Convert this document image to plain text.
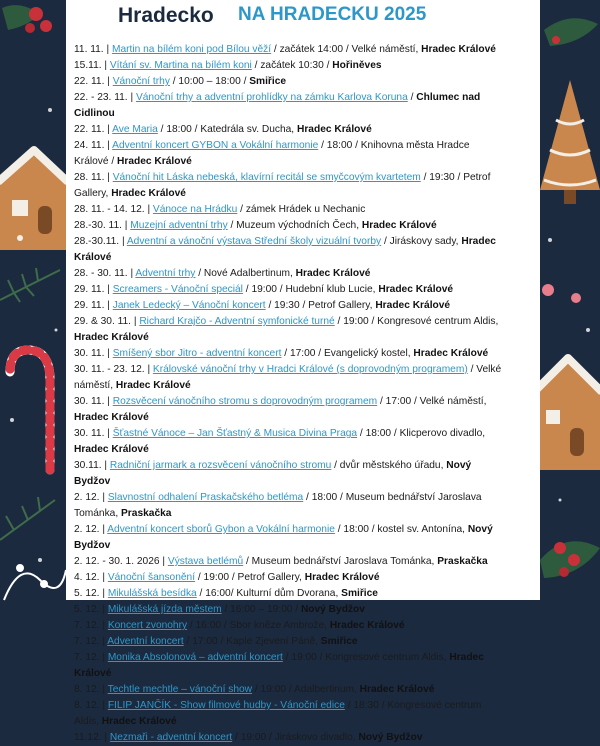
Hradecko NA HRADECKU 2025

11. 11. | Martin na bílém koni pod Bílou věží / začátek 14:00 / Velké náměstí, Hradec Králové

15.11. | Vítání sv. Martina na bílém koni / začátek 10:30 / Hořiněves

22. 11. | Vánoční trhy / 10:00 – 18:00 / Smiřice

22. - 23. 11. | Vánoční trhy a adventní prohlídky na zámku Karlova Koruna / Chlumec nad Cidlinou

22. 11. | Ave Maria / 18:00 / Katedrála sv. Ducha, Hradec Králové

24. 11. | Adventní koncert GYBON a Vokální harmonie / 18:00 / Knihovna města Hradce Králové / Hradec Králové

28. 11. | Vánoční hit Láska nebeská, klavírní recitál se smyčcovým kvartetem / 19:30 / Petrof Gallery, Hradec Králové

28. 11. - 14. 12. | Vánoce na Hrádku / zámek Hrádek u Nechanic

28.-30. 11. | Muzejní adventní trhy / Muzeum východních Čech, Hradec Králové

28.-30.11. | Adventní a vánoční výstava Střední školy vizuální tvorby / Jiráskovy sady, Hradec Králové

28. - 30. 11. | Adventní trhy / Nové Adalbertinum, Hradec Králové

29. 11. | Screamers - Vánoční speciál / 19:00 / Hudební klub Lucie, Hradec Králové

29. 11. | Janek Ledecký – Vánoční koncert / 19:30 / Petrof Gallery, Hradec Králové

29. & 30. 11. | Richard Krajčo - Adventní symfonické turné / 19:00 / Kongresové centrum Aldis, Hradec Králové

30. 11. | Smíšený sbor Jitro - adventní koncert / 17:00 / Evangelický kostel, Hradec Králové

30. 11. - 23. 12. | Královské vánoční trhy v Hradci Králové (s doprovodným programem) / Velké náměstí, Hradec Králové

30. 11. | Rozsvěcení vánočního stromu s doprovodným programem / 17:00 / Velké náměstí, Hradec Králové

30. 11. | Šťastné Vánoce – Jan Šťastný & Musica Divina Praga / 18:00 / Klicperovo divadlo, Hradec Králové

30.11. | Radniční jarmark a rozsvěcení vánočního stromu / dvůr městského úřadu, Nový Bydžov

2. 12. | Slavnostní odhalení Praskačského betléma / 18:00 / Museum bednářství Jaroslava Tománka, Praskačka

2. 12. | Adventní koncert sborů Gybon a Vokální harmonie / 18:00 / kostel sv. Antonína, Nový Bydžov

2. 12. - 30. 1. 2026 | Výstava betlémů / Museum bednářství Jaroslava Tománka, Praskačka

4. 12. | Vánoční šansonění / 19:00 / Petrof Gallery, Hradec Králové

5. 12. | Mikulášská besídka / 16:00/ Kulturní dům Dvorana, Smiřice

5. 12. | Mikulášská jízda městem / 16:00 – 19:00 / Nový Bydžov

7. 12. | Koncert zvonohry / 16:00 / Sbor kněze Ambrože, Hradec Králové

7. 12. | Adventní koncert / 17:00 / Kaple Zjevení Páně, Smiřice

7. 12. | Monika Absolonová – adventní koncert / 19:00 / Kongresové centrum Aldis, Hradec Králové

8. 12. | Techtle mechtle – vánoční show / 19:00 / Adalbertinum, Hradec Králové

8. 12. | FILIP JANČÍK - Show filmové hudby - Vánoční edice / 18:30 / Kongresové centrum Aldis, Hradec Králové

11.12. | Nezmaři - adventní koncert / 19:00 / Jiráskovo divadlo, Nový Bydžov
